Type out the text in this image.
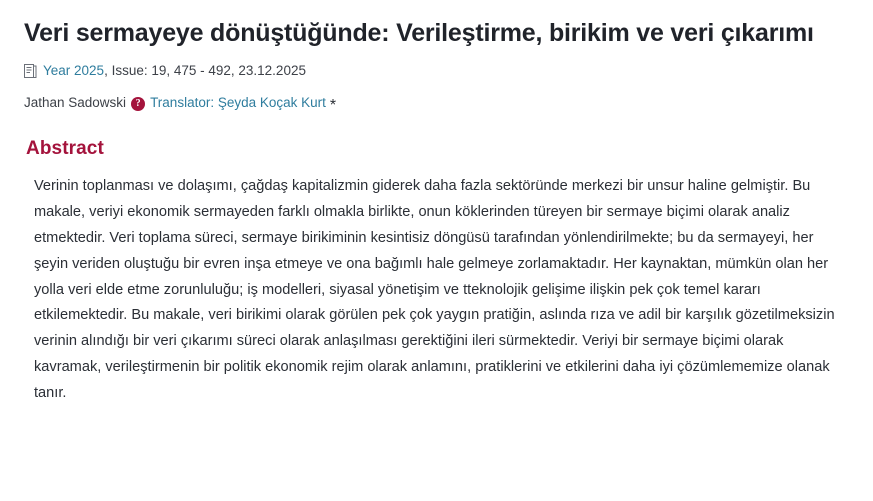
Veri sermayeye dönüştüğünde: Verileştirme, birikim ve veri çıkarımı
Year 2025 , Issue: 19, 475 - 492, 23.12.2025
Jathan Sadowski ? Translator: Şeyda Koçak Kurt *
Abstract

Verinin toplanması ve dolaşımı, çağdaş kapitalizmin giderek daha fazla sektöründe merkezi bir unsur haline gelmiştir. Bu makale, veriyi ekonomik sermayeden farklı olmakla birlikte, onun köklerinden türeyen bir sermaye biçimi olarak analiz etmektedir. Veri toplama süreci, sermaye birikiminin kesintisiz döngüsü tarafından yönlendirilmekte; bu da sermayeyi, her şeyin veriden oluştuğu bir evren inşa etmeye ve ona bağımlı hale gelmeye zorlamaktadır. Her kaynaktan, mümkün olan her yolla veri elde etme zorunluluğu; iş modelleri, siyasal yönetişim ve tteknolojik gelişime ilişkin pek çok temel kararı etkilemektedir. Bu makale, veri birikimi olarak görülen pek çok yaygın pratiğin, aslında rıza ve adil bir karşılık gözetilmeksizin verinin alındığı bir veri çıkarımı süreci olarak anlaşılması gerektiğini ileri sürmektedir. Veriyi bir sermaye biçimi olarak kavramak, verileştirmenin bir politik ekonomik rejim olarak anlamını, pratiklerini ve etkilerini daha iyi çözümlememize olanak tanır.
